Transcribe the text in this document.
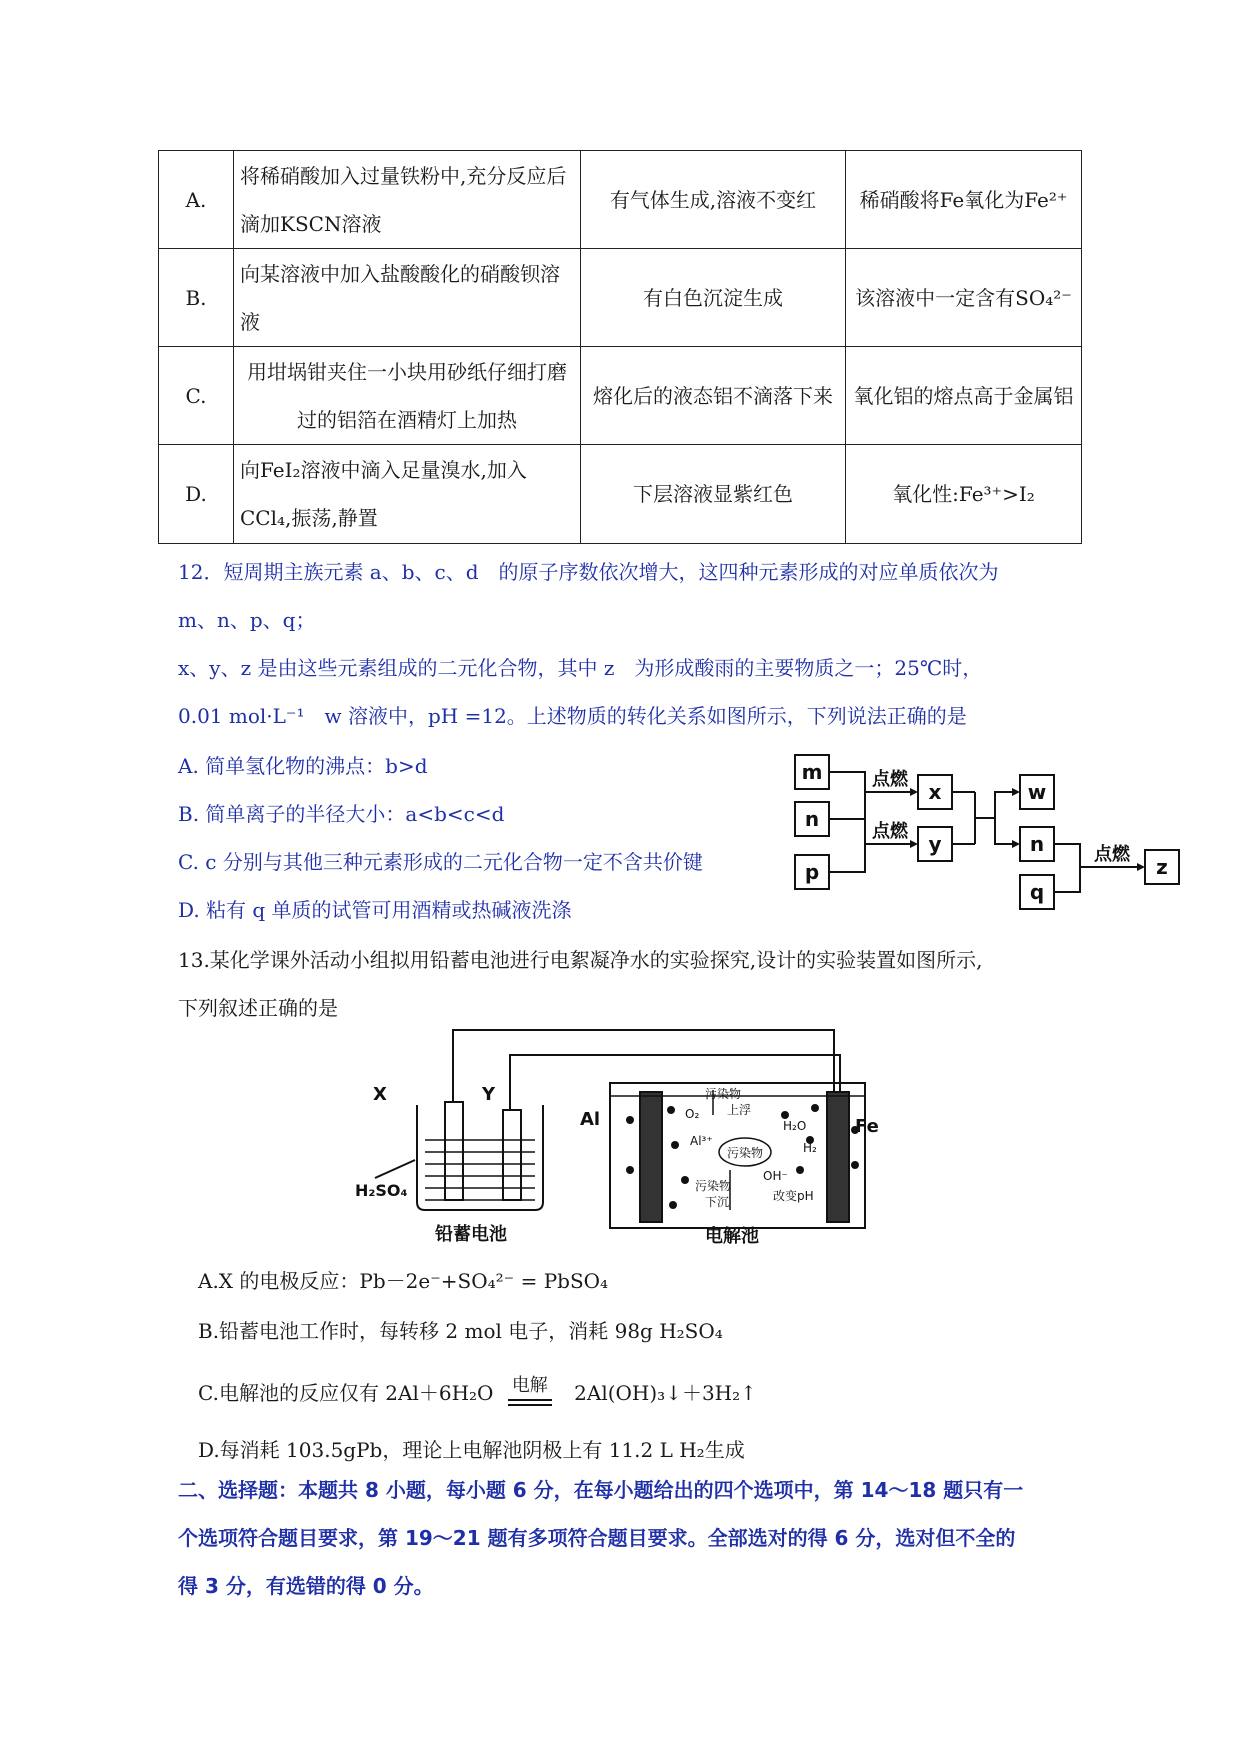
A.	将稀硝酸加入过量铁粉中,充分反应后滴加KSCN溶液	有气体生成,溶液不变红	稀硝酸将Fe氧化为Fe²⁺
B.	向某溶液中加入盐酸酸化的硝酸钡溶液	有白色沉淀生成	该溶液中一定含有SO₄²⁻
C.	用坩埚钳夹住一小块用砂纸仔细打磨过的铝箔在酒精灯上加热	熔化后的液态铝不滴落下来	氧化铝的熔点高于金属铝
D.	向FeI₂溶液中滴入足量溴水,加入CCl₄,振荡,静置	下层溶液显紫红色	氧化性:Fe³⁺>I₂
12．短周期主族元素 a、b、c、d　的原子序数依次增大，这四种元素形成的对应单质依次为
m、n、p、q；
x、y、z 是由这些元素组成的二元化合物，其中 z　为形成酸雨的主要物质之一；25℃时，
0.01 mol·L⁻¹　w 溶液中，pH =12。上述物质的转化关系如图所示，下列说法正确的是
A. 简单氢化物的沸点：b>d
B. 简单离子的半径大小：a<b<c<d
C. c 分别与其他三种元素形成的二元化合物一定不含共价键
D. 粘有 q 单质的试管可用酒精或热碱液洗涤
m
n
p
x
y
w
n
q
z
点燃
点燃
点燃
13.某化学课外活动小组拟用铅蓄电池进行电絮凝净水的实验探究,设计的实验装置如图所示,
下列叙述正确的是
X	Y
Al	Fe
H₂SO₄
铅蓄电池	电解池
污染物
上浮
O₂
Al³⁺
污染物
H₂O
H₂
污染物
下沉
OH⁻
改变pH
A.X 的电极反应：Pb－2e⁻+SO₄²⁻ = PbSO₄
B.铅蓄电池工作时，每转移 2 mol 电子，消耗 98g H₂SO₄
C.电解池的反应仅有 2Al＋6H₂O 电解 2Al(OH)₃↓＋3H₂↑
D.每消耗 103.5gPb，理论上电解池阴极上有 11.2 L H₂生成
二、选择题：本题共 8 小题，每小题 6 分，在每小题给出的四个选项中，第 14～18 题只有一
个选项符合题目要求，第 19～21 题有多项符合题目要求。全部选对的得 6 分，选对但不全的
得 3 分，有选错的得 0 分。
